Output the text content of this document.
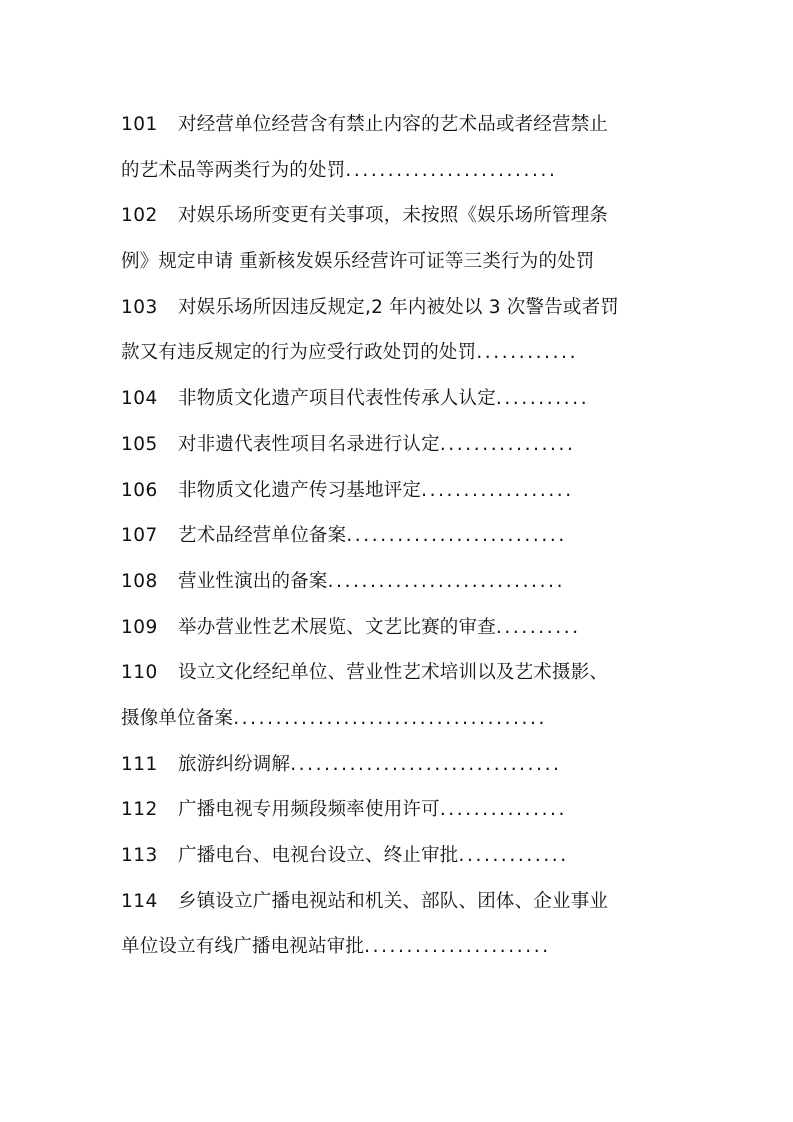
101 对经营单位经营含有禁止内容的艺术品或者经营禁止
的艺术品等两类行为的处罚.........................
102 对娱乐场所变更有关事项，未按照《娱乐场所管理条
例》规定申请 重新核发娱乐经营许可证等三类行为的处罚
103 对娱乐场所因违反规定,2 年内被处以 3 次警告或者罚
款又有违反规定的行为应受行政处罚的处罚............
104 非物质文化遗产项目代表性传承人认定...........
105 对非遗代表性项目名录进行认定................
106 非物质文化遗产传习基地评定..................
107 艺术品经营单位备案..........................
108 营业性演出的备案............................
109 举办营业性艺术展览、文艺比赛的审查..........
110 设立文化经纪单位、营业性艺术培训以及艺术摄影、
摄像单位备案.....................................
111 旅游纠纷调解................................
112 广播电视专用频段频率使用许可...............
113 广播电台、电视台设立、终止审批.............
114 乡镇设立广播电视站和机关、部队、团体、企业事业
单位设立有线广播电视站审批......................
